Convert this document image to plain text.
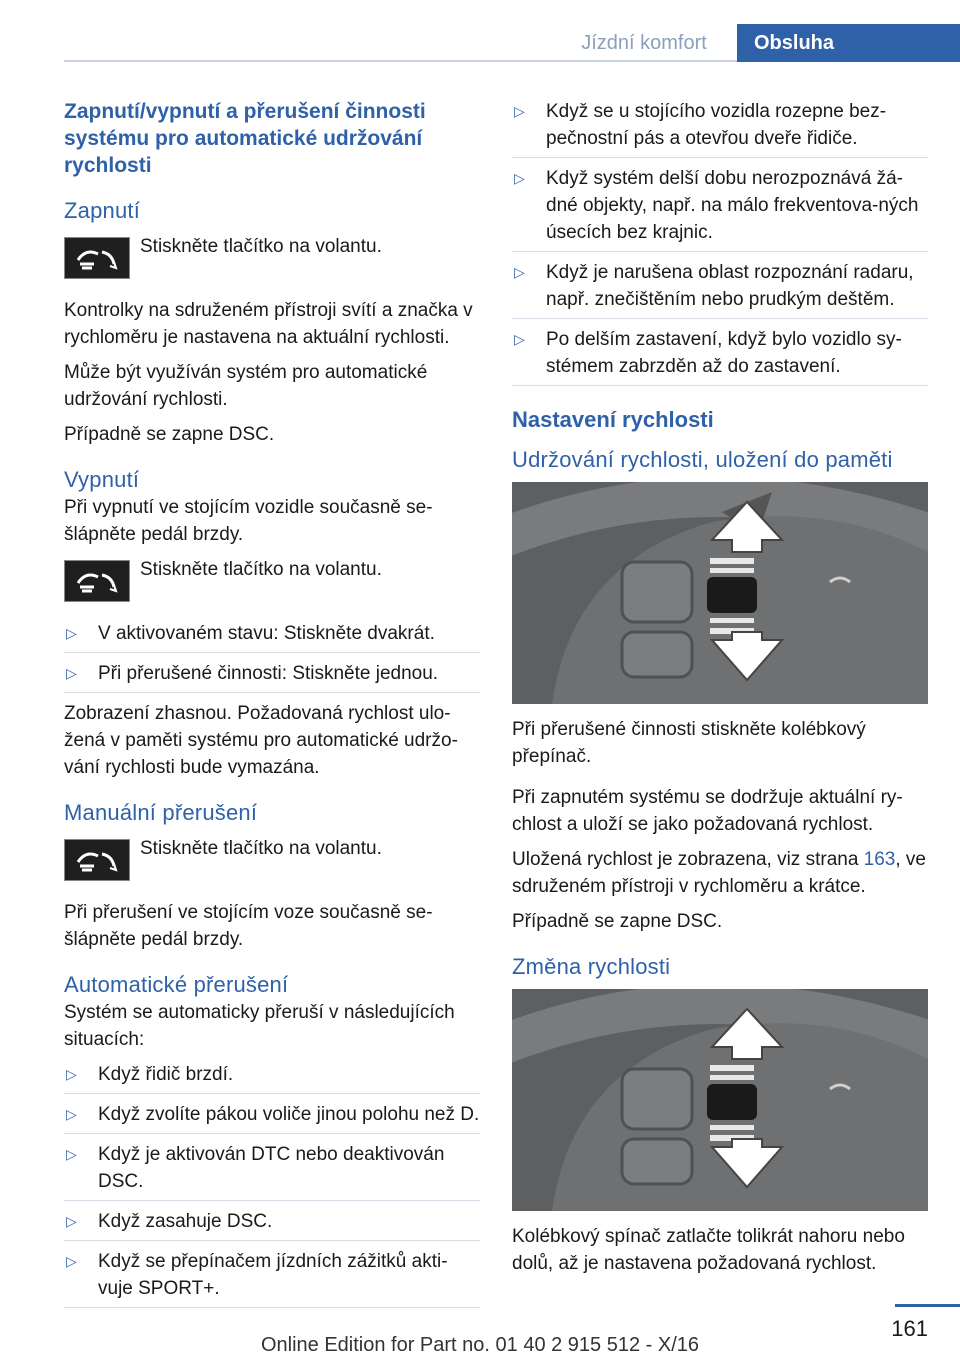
Jízdní komfort	Obsluha
Zapnutí/vypnutí a přerušení činnosti systému pro automatické udržování rychlosti
Zapnutí
Stiskněte tlačítko na volantu.

Kontrolky na sdruženém přístroji svítí a značka v rychloměru je nastavena na aktuální rychlosti.

Může být využíván systém pro automatické udržování rychlosti.

Případně se zapne DSC.

Vypnutí

Při vypnutí ve stojícím vozidle současně se-šlápněte pedál brzdy.

Stiskněte tlačítko na volantu.
▷ V aktivovaném stavu: Stiskněte dvakrát.
▷ Při přerušené činnosti: Stiskněte jednou.

Zobrazení zhasnou. Požadovaná rychlost ulo-žená v paměti systému pro automatické udržo-vání rychlosti bude vymazána.

Manuální přerušení
Stiskněte tlačítko na volantu.

Při přerušení ve stojícím voze současně se-šlápněte pedál brzdy.

Automatické přerušení

Systém se automaticky přeruší v následujících situacích:

▷ Když řidič brzdí.
▷ Když zvolíte pákou voliče jinou polohu než D.
▷ Když je aktivován DTC nebo deaktivován DSC.
▷ Když zasahuje DSC.
▷ Když se přepínačem jízdních zážitků akti-vuje SPORT+.
▷ Když se u stojícího vozidla rozepne bez-pečnostní pás a otevřou dveře řidiče.
▷ Když systém delší dobu nerozpoznává žá-dné objekty, např. na málo frekventova-ných úsecích bez krajnic.
▷ Když je narušena oblast rozpoznání radaru, např. znečištěním nebo prudkým deštěm.
▷ Po delším zastavení, když bylo vozidlo sy-stémem zabrzděn až do zastavení.
Nastavení rychlosti
Udržování rychlosti, uložení do paměti

Při přerušené činnosti stiskněte kolébkový přepínač.

Při zapnutém systému se dodržuje aktuální ry-chlost a uloží se jako požadovaná rychlost.

Uložená rychlost je zobrazena, viz strana 163, ve sdruženém přístroji v rychloměru a krátce.

Případně se zapne DSC.

Změna rychlosti

Kolébkový spínač zatlačte tolikrát nahoru nebo dolů, až je nastavena požadovaná rychlost.

161
Online Edition for Part no. 01 40 2 915 512 - X/16
